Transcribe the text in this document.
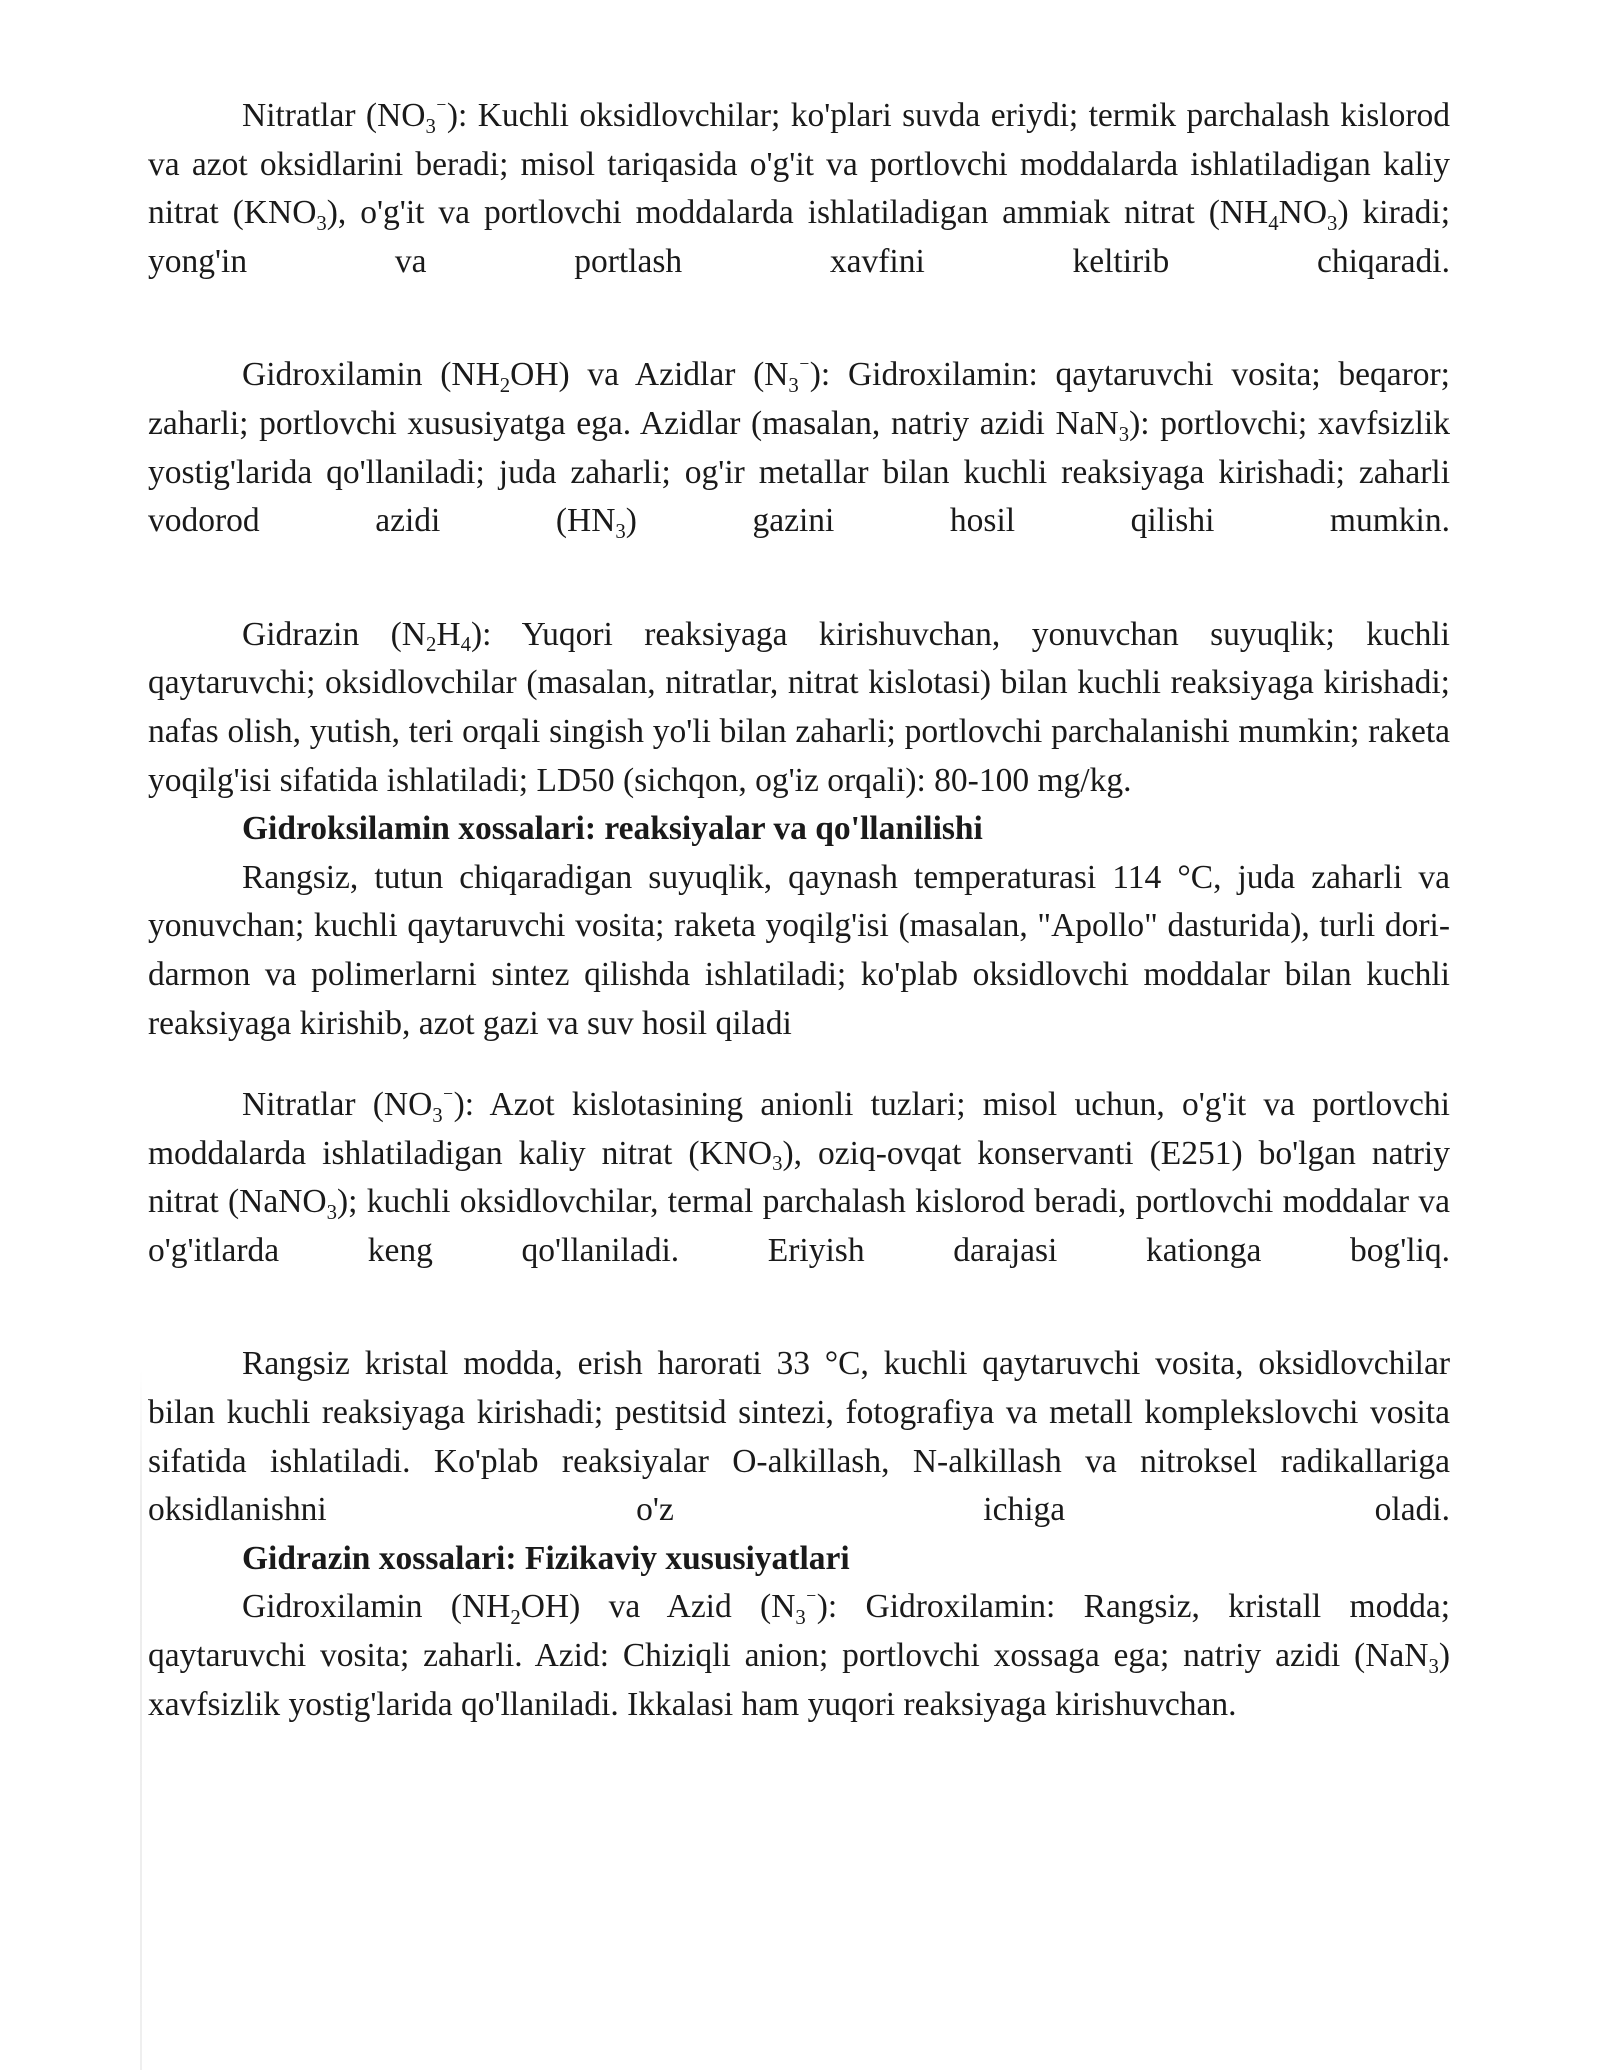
Nitratlar $(NO_3^{^-})$: Kuchli oksidlovchilar; ko'plari suvda eriydi; termik parchalash kislorod va azot oksidlarini beradi; misol tariqasida o'g'it va portlovchi moddalarda ishlatiladigan kaliy nitrat $(KNO_3)$, o'g'it va portlovchi moddalarda ishlatiladigan ammiak nitrat $(NH_4NO_3)$ kiradi; yong'in va portlash xavfini keltirib chiqaradi.

Gidroxilamin $(NH_2OH)$ va Azidlar $(N_3^{^-})$: Gidroxilamin: qaytaruvchi vosita; beqaror; zaharli; portlovchi xususiyatga ega. Azidlar (masalan, natriy azidi NaN$_3$): portlovchi; xavfsizlik yostig'larida qo'llaniladi; juda zaharli; og'ir metallar bilan kuchli reaksiyaga kirishadi; zaharli vodorod azidi $(HN_3)$ gazini hosil qilishi mumkin.

Gidrazin $(N_2H_4)$: Yuqori reaksiyaga kirishuvchan, yonuvchan suyuqlik; kuchli qaytaruvchi; oksidlovchilar (masalan, nitratlar, nitrat kislotasi) bilan kuchli reaksiyaga kirishadi; nafas olish, yutish, teri orqali singish yo'li bilan zaharli; portlovchi parchalanishi mumkin; raketa yoqilg'isi sifatida ishlatiladi; LD50 (sichqon, og'iz orqali): 80-100 mg/kg.

Gidroksilamin xossalari: reaksiyalar va qo'llanilishi

Rangsiz, tutun chiqaradigan suyuqlik, qaynash temperaturasi 114 °C, juda zaharli va yonuvchan; kuchli qaytaruvchi vosita; raketa yoqilg'isi (masalan, "Apollo" dasturida), turli dori-darmon va polimerlarni sintez qilishda ishlatiladi; ko'plab oksidlovchi moddalar bilan kuchli reaksiyaga kirishib, azot gazi va suv hosil qiladi

Nitratlar $(NO_3^{^-})$: Azot kislotasining anionli tuzlari; misol uchun, o'g'it va portlovchi moddalarda ishlatiladigan kaliy nitrat $(KNO_3)$, oziq-ovqat konservanti (E251) bo'lgan natriy nitrat (NaNO$_3$); kuchli oksidlovchilar, termal parchalash kislorod beradi, portlovchi moddalar va o'g'itlarda keng qo'llaniladi. Eriyish darajasi kationga bog'liq.

Rangsiz kristal modda, erish harorati 33 °C, kuchli qaytaruvchi vosita, oksidlovchilar bilan kuchli reaksiyaga kirishadi; pestitsid sintezi, fotografiya va metall komplekslovchi vosita sifatida ishlatiladi. Ko'plab reaksiyalar O-alkillash, N-alkillash va nitroksel radikallariga oksidlanishni o'z ichiga oladi.

Gidrazin xossalari: Fizikaviy xususiyatlari

Gidroxilamin $(NH_2OH)$ va Azid $(N_3^{^-})$: Gidroxilamin: Rangsiz, kristall modda; qaytaruvchi vosita; zaharli. Azid: Chiziqli anion; portlovchi xossaga ega; natriy azidi (NaN$_3$) xavfsizlik yostig'larida qo'llaniladi. Ikkalasi ham yuqori reaksiyaga kirishuvchan.
